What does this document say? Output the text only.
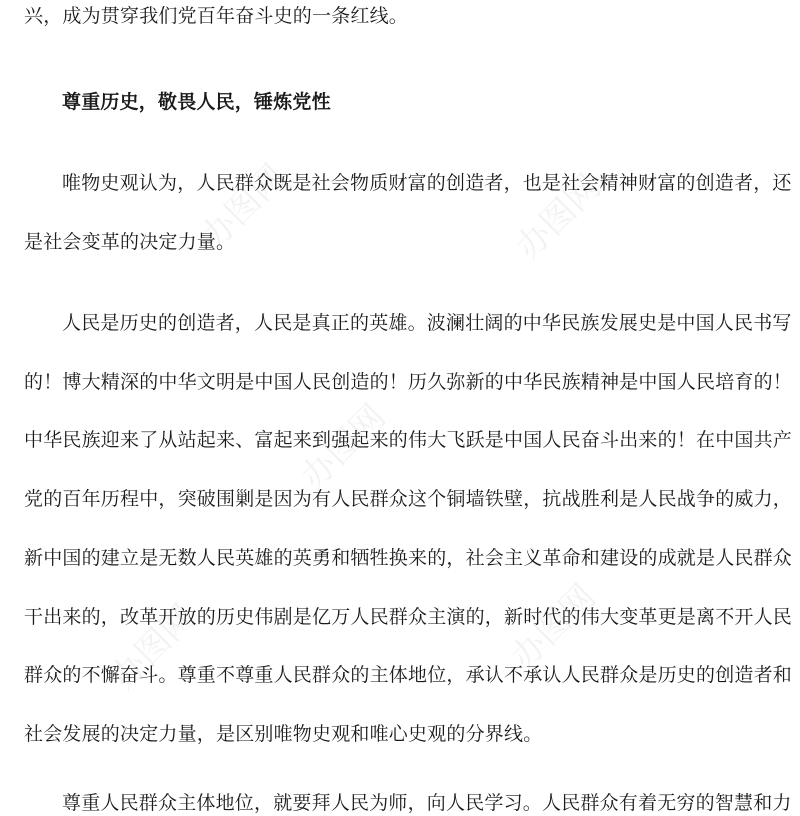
兴，成为贯穿我们党百年奋斗史的一条红线。
尊重历史，敬畏人民，锤炼党性
唯物史观认为，人民群众既是社会物质财富的创造者，也是社会精神财富的创造者，还
是社会变革的决定力量。
人民是历史的创造者，人民是真正的英雄。波澜壮阔的中华民族发展史是中国人民书写
的！博大精深的中华文明是中国人民创造的！历久弥新的中华民族精神是中国人民培育的！
中华民族迎来了从站起来、富起来到强起来的伟大飞跃是中国人民奋斗出来的！在中国共产
党的百年历程中，突破围剿是因为有人民群众这个铜墙铁壁，抗战胜利是人民战争的威力，
新中国的建立是无数人民英雄的英勇和牺牲换来的，社会主义革命和建设的成就是人民群众
干出来的，改革开放的历史伟剧是亿万人民群众主演的，新时代的伟大变革更是离不开人民
群众的不懈奋斗。尊重不尊重人民群众的主体地位，承认不承认人民群众是历史的创造者和
社会发展的决定力量，是区别唯物史观和唯心史观的分界线。
尊重人民群众主体地位，就要拜人民为师，向人民学习。人民群众有着无穷的智慧和力
办图网	办图网
办图网
办图网	办图网
